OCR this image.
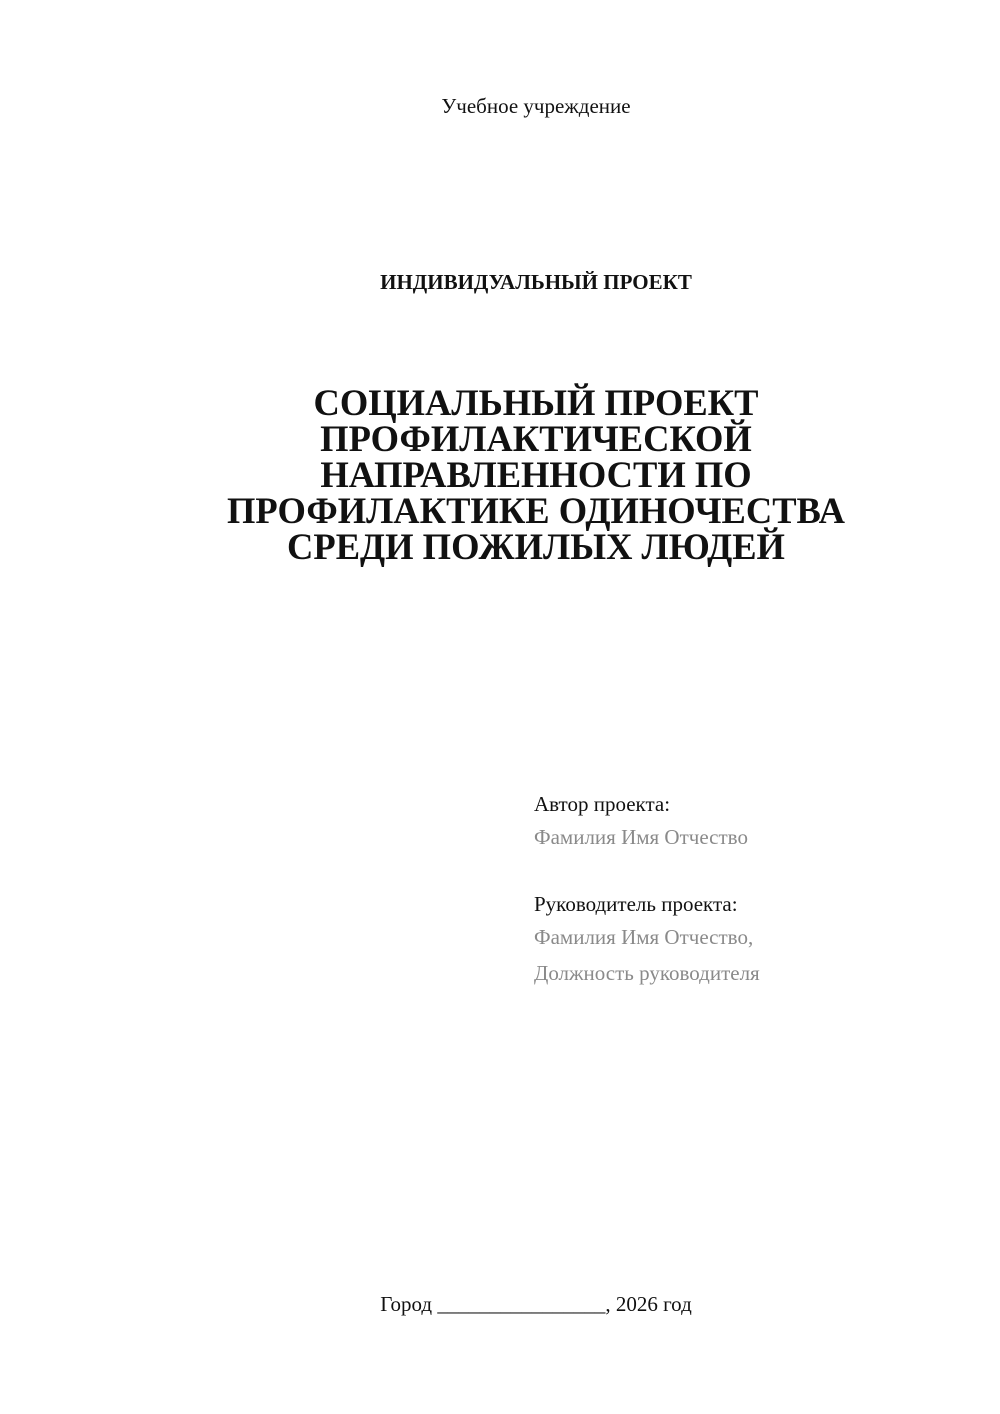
Учебное учреждение
ИНДИВИДУАЛЬНЫЙ ПРОЕКТ
СОЦИАЛЬНЫЙ ПРОЕКТ
ПРОФИЛАКТИЧЕСКОЙ
НАПРАВЛЕННОСТИ ПО
ПРОФИЛАКТИКЕ ОДИНОЧЕСТВА
СРЕДИ ПОЖИЛЫХ ЛЮДЕЙ
Автор проекта:
Фамилия Имя Отчество
Руководитель проекта:
Фамилия Имя Отчество,
Должность руководителя
Город ________________, 2026 год
